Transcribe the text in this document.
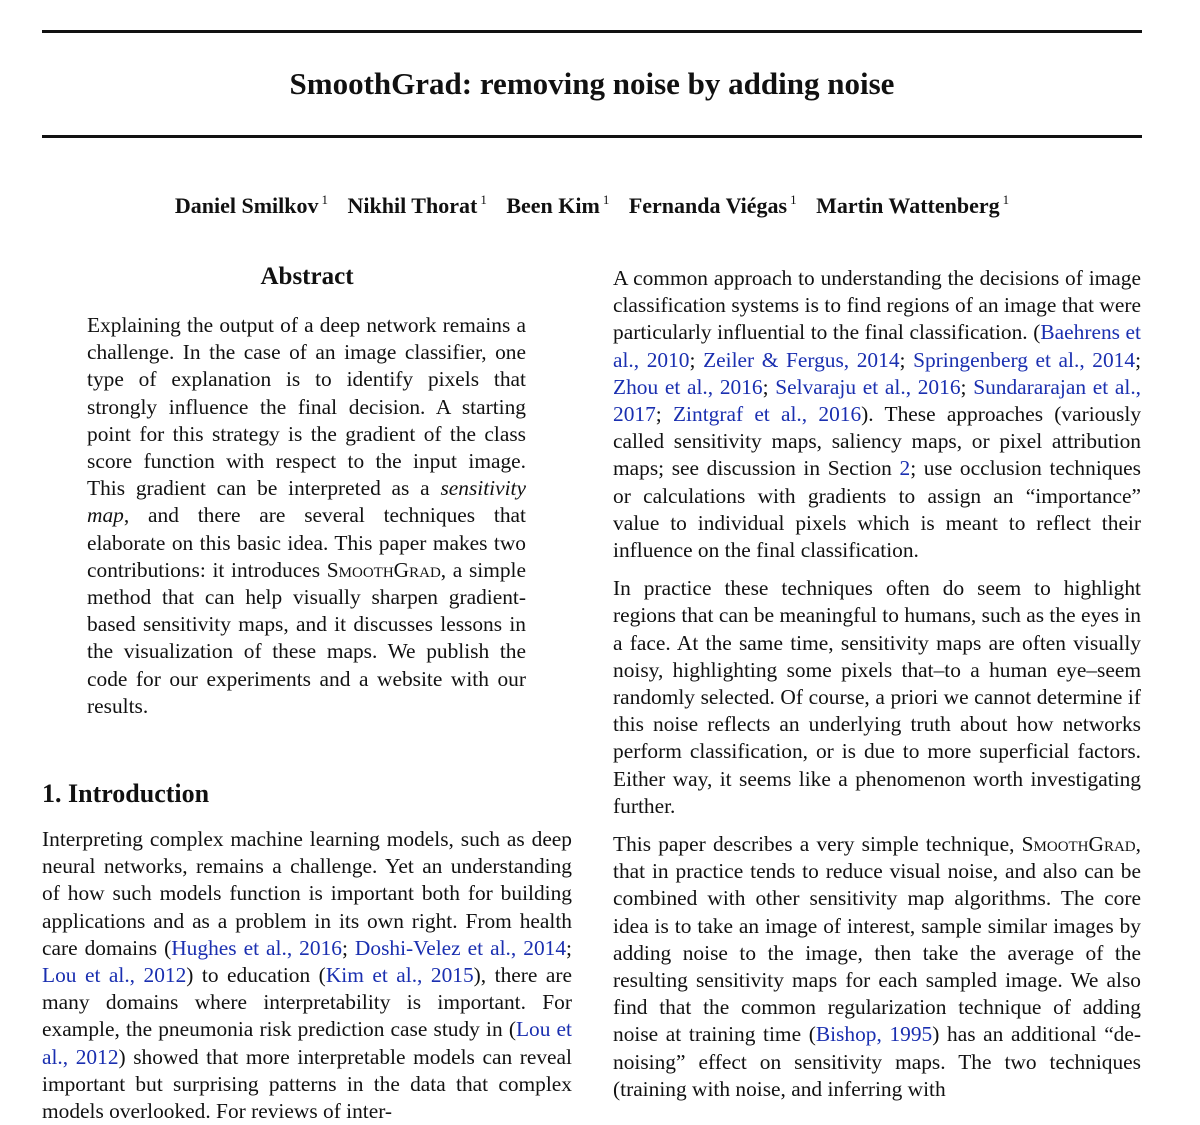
SmoothGrad: removing noise by adding noise
Daniel Smilkov $^1$ Nikhil Thorat $^1$ Been Kim $^1$ Fernanda Viégas $^1$ Martin Wattenberg $^1$
Abstract

Explaining the output of a deep network remains a challenge. In the case of an image classifier, one type of explanation is to identify pixels that strongly influence the final decision. A starting point for this strategy is the gradient of the class score function with respect to the input image. This gradient can be interpreted as a sensitivity map, and there are several techniques that elaborate on this basic idea. This paper makes two contributions: it introduces SmoothGrad, a simple method that can help visually sharpen gradient-based sensitivity maps, and it discusses lessons in the visualization of these maps. We publish the code for our experiments and a website with our results.

1. Introduction

Interpreting complex machine learning models, such as deep neural networks, remains a challenge. Yet an understanding of how such models function is important both for building applications and as a problem in its own right. From health care domains (Hughes et al., 2016; Doshi-Velez et al., 2014; Lou et al., 2012) to education (Kim et al., 2015), there are many domains where interpretability is important. For example, the pneumonia risk prediction case study in (Lou et al., 2012) showed that more interpretable models can reveal important but surprising patterns in the data that complex models overlooked. For reviews of inter-

A common approach to understanding the decisions of image classification systems is to find regions of an image that were particularly influential to the final classification. (Baehrens et al., 2010; Zeiler & Fergus, 2014; Springenberg et al., 2014; Zhou et al., 2016; Selvaraju et al., 2016; Sundararajan et al., 2017; Zintgraf et al., 2016). These approaches (variously called sensitivity maps, saliency maps, or pixel attribution maps; see discussion in Section 2; use occlusion techniques or calculations with gradients to assign an “importance” value to individual pixels which is meant to reflect their influence on the final classification.

In practice these techniques often do seem to highlight regions that can be meaningful to humans, such as the eyes in a face. At the same time, sensitivity maps are often visually noisy, highlighting some pixels that–to a human eye–seem randomly selected. Of course, a priori we cannot determine if this noise reflects an underlying truth about how networks perform classification, or is due to more superficial factors. Either way, it seems like a phenomenon worth investigating further.

This paper describes a very simple technique, SmoothGrad, that in practice tends to reduce visual noise, and also can be combined with other sensitivity map algorithms. The core idea is to take an image of interest, sample similar images by adding noise to the image, then take the average of the resulting sensitivity maps for each sampled image. We also find that the common regularization technique of adding noise at training time (Bishop, 1995) has an additional “de-noising” effect on sensitivity maps. The two techniques (training with noise, and inferring with
